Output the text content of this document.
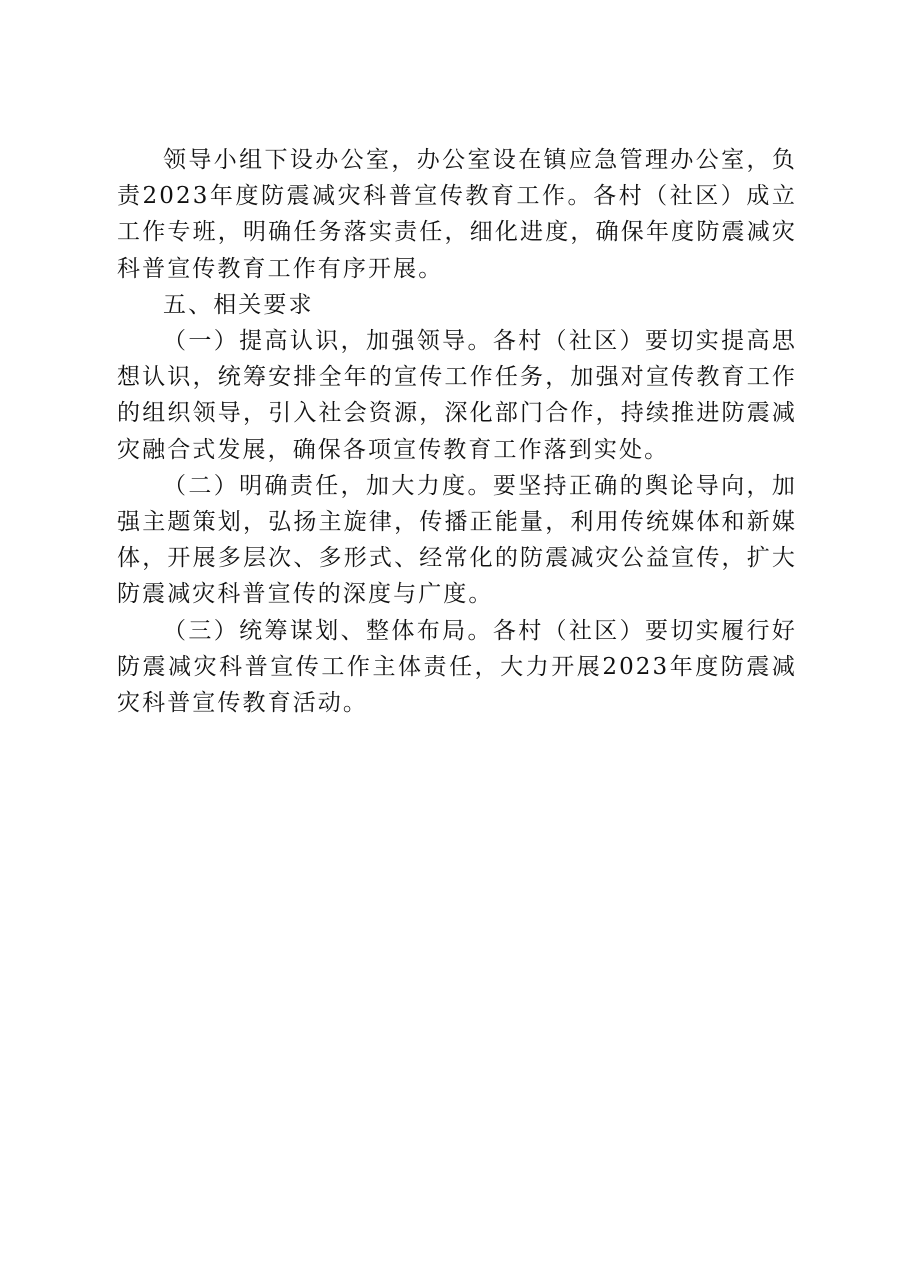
领导小组下设办公室，办公室设在镇应急管理办公室，负责2023年度防震减灾科普宣传教育工作。各村（社区）成立工作专班，明确任务落实责任，细化进度，确保年度防震减灾科普宣传教育工作有序开展。

五、相关要求

（一）提高认识，加强领导。各村（社区）要切实提高思想认识，统筹安排全年的宣传工作任务，加强对宣传教育工作的组织领导，引入社会资源，深化部门合作，持续推进防震减灾融合式发展，确保各项宣传教育工作落到实处。

（二）明确责任，加大力度。要坚持正确的舆论导向，加强主题策划，弘扬主旋律，传播正能量，利用传统媒体和新媒体，开展多层次、多形式、经常化的防震减灾公益宣传，扩大防震减灾科普宣传的深度与广度。

（三）统筹谋划、整体布局。各村（社区）要切实履行好防震减灾科普宣传工作主体责任，大力开展2023年度防震减灾科普宣传教育活动。
